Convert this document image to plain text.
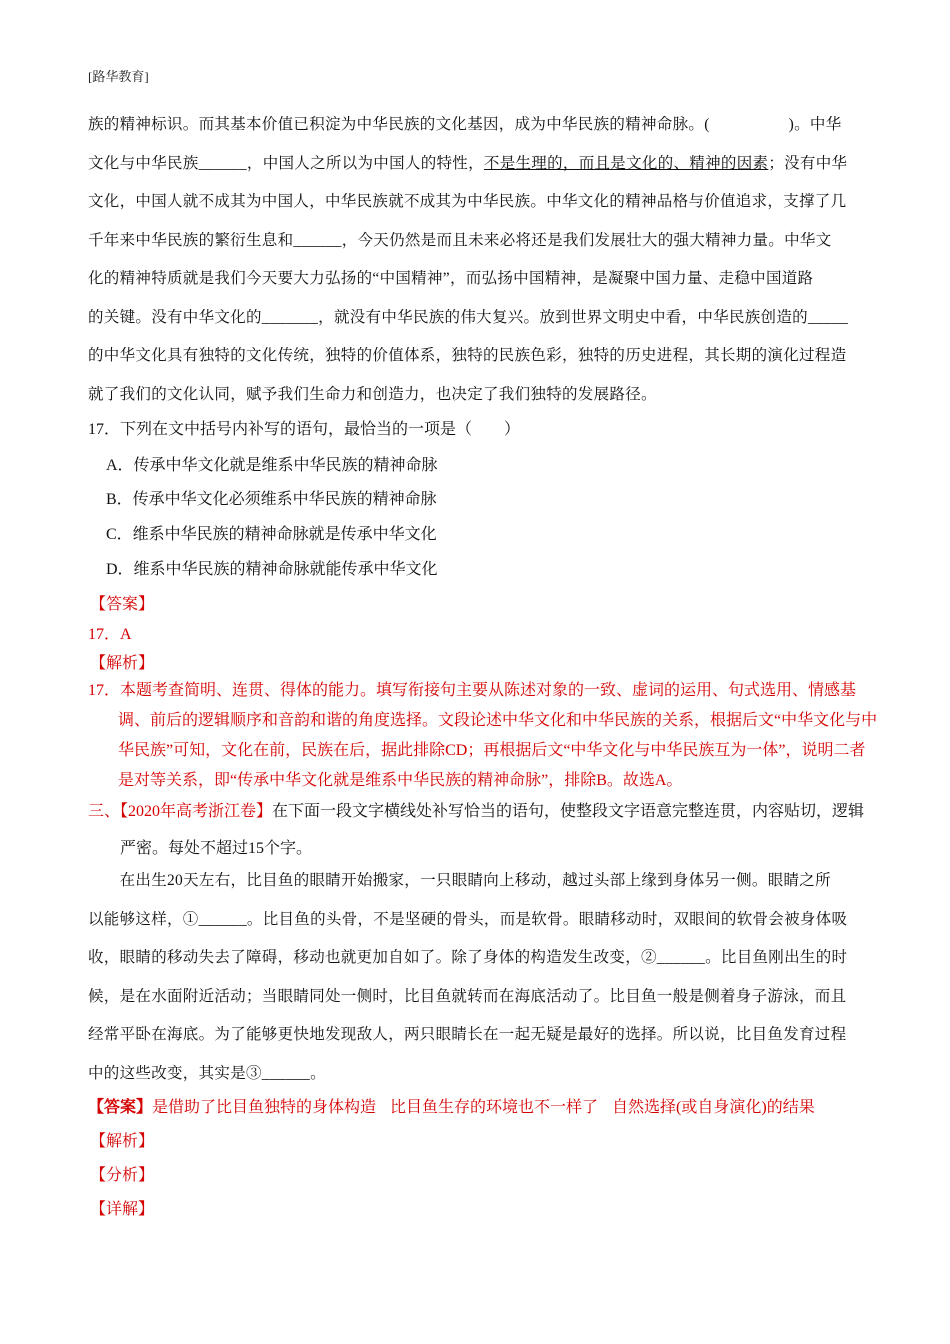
[路华教育]

族的精神标识。而其基本价值已积淀为中华民族的文化基因，成为中华民族的精神命脉。(　　　　　)。中华

文化与中华民族______，中国人之所以为中国人的特性，不是生理的，而且是文化的、精神的因素；没有中华

文化，中国人就不成其为中国人，中华民族就不成其为中华民族。中华文化的精神品格与价值追求，支撑了几

千年来中华民族的繁衍生息和______，今天仍然是而且未来必将还是我们发展壮大的强大精神力量。中华文

化的精神特质就是我们今天要大力弘扬的“中国精神”，而弘扬中国精神，是凝聚中国力量、走稳中国道路

的关键。没有中华文化的_______，就没有中华民族的伟大复兴。放到世界文明史中看，中华民族创造的_____

的中华文化具有独特的文化传统，独特的价值体系，独特的民族色彩，独特的历史进程，其长期的演化过程造

就了我们的文化认同，赋予我们生命力和创造力，也决定了我们独特的发展路径。

17．下列在文中括号内补写的语句，最恰当的一项是（　　）
A．传承中华文化就是维系中华民族的精神命脉
B．传承中华文化必须维系中华民族的精神命脉
C．维系中华民族的精神命脉就是传承中华文化
D．维系中华民族的精神命脉就能传承中华文化
【答案】
17．A
【解析】

17．本题考查简明、连贯、得体的能力。填写衔接句主要从陈述对象的一致、虚词的运用、句式选用、情感基调、前后的逻辑顺序和音韵和谐的角度选择。文段论述中华文化和中华民族的关系，根据后文“中华文化与中华民族”可知，文化在前，民族在后，据此排除CD；再根据后文“中华文化与中华民族互为一体”，说明二者是对等关系，即“传承中华文化就是维系中华民族的精神命脉”，排除B。故选A。

三、【2020年高考浙江卷】在下面一段文字横线处补写恰当的语句，使整段文字语意完整连贯，内容贴切，逻辑严密。每处不超过15个字。

　　在出生20天左右，比目鱼的眼睛开始搬家，一只眼睛向上移动，越过头部上缘到身体另一侧。眼睛之所

以能够这样，①______。比目鱼的头骨，不是坚硬的骨头，而是软骨。眼睛移动时，双眼间的软骨会被身体吸

收，眼睛的移动失去了障碍，移动也就更加自如了。除了身体的构造发生改变，②______。比目鱼刚出生的时

候，是在水面附近活动；当眼睛同处一侧时，比目鱼就转而在海底活动了。比目鱼一般是侧着身子游泳，而且

经常平卧在海底。为了能够更快地发现敌人，两只眼睛长在一起无疑是最好的选择。所以说，比目鱼发育过程

中的这些改变，其实是③______。

【答案】是借助了比目鱼独特的身体构造 比目鱼生存的环境也不一样了 自然选择(或自身演化)的结果
【解析】
【分析】
【详解】
